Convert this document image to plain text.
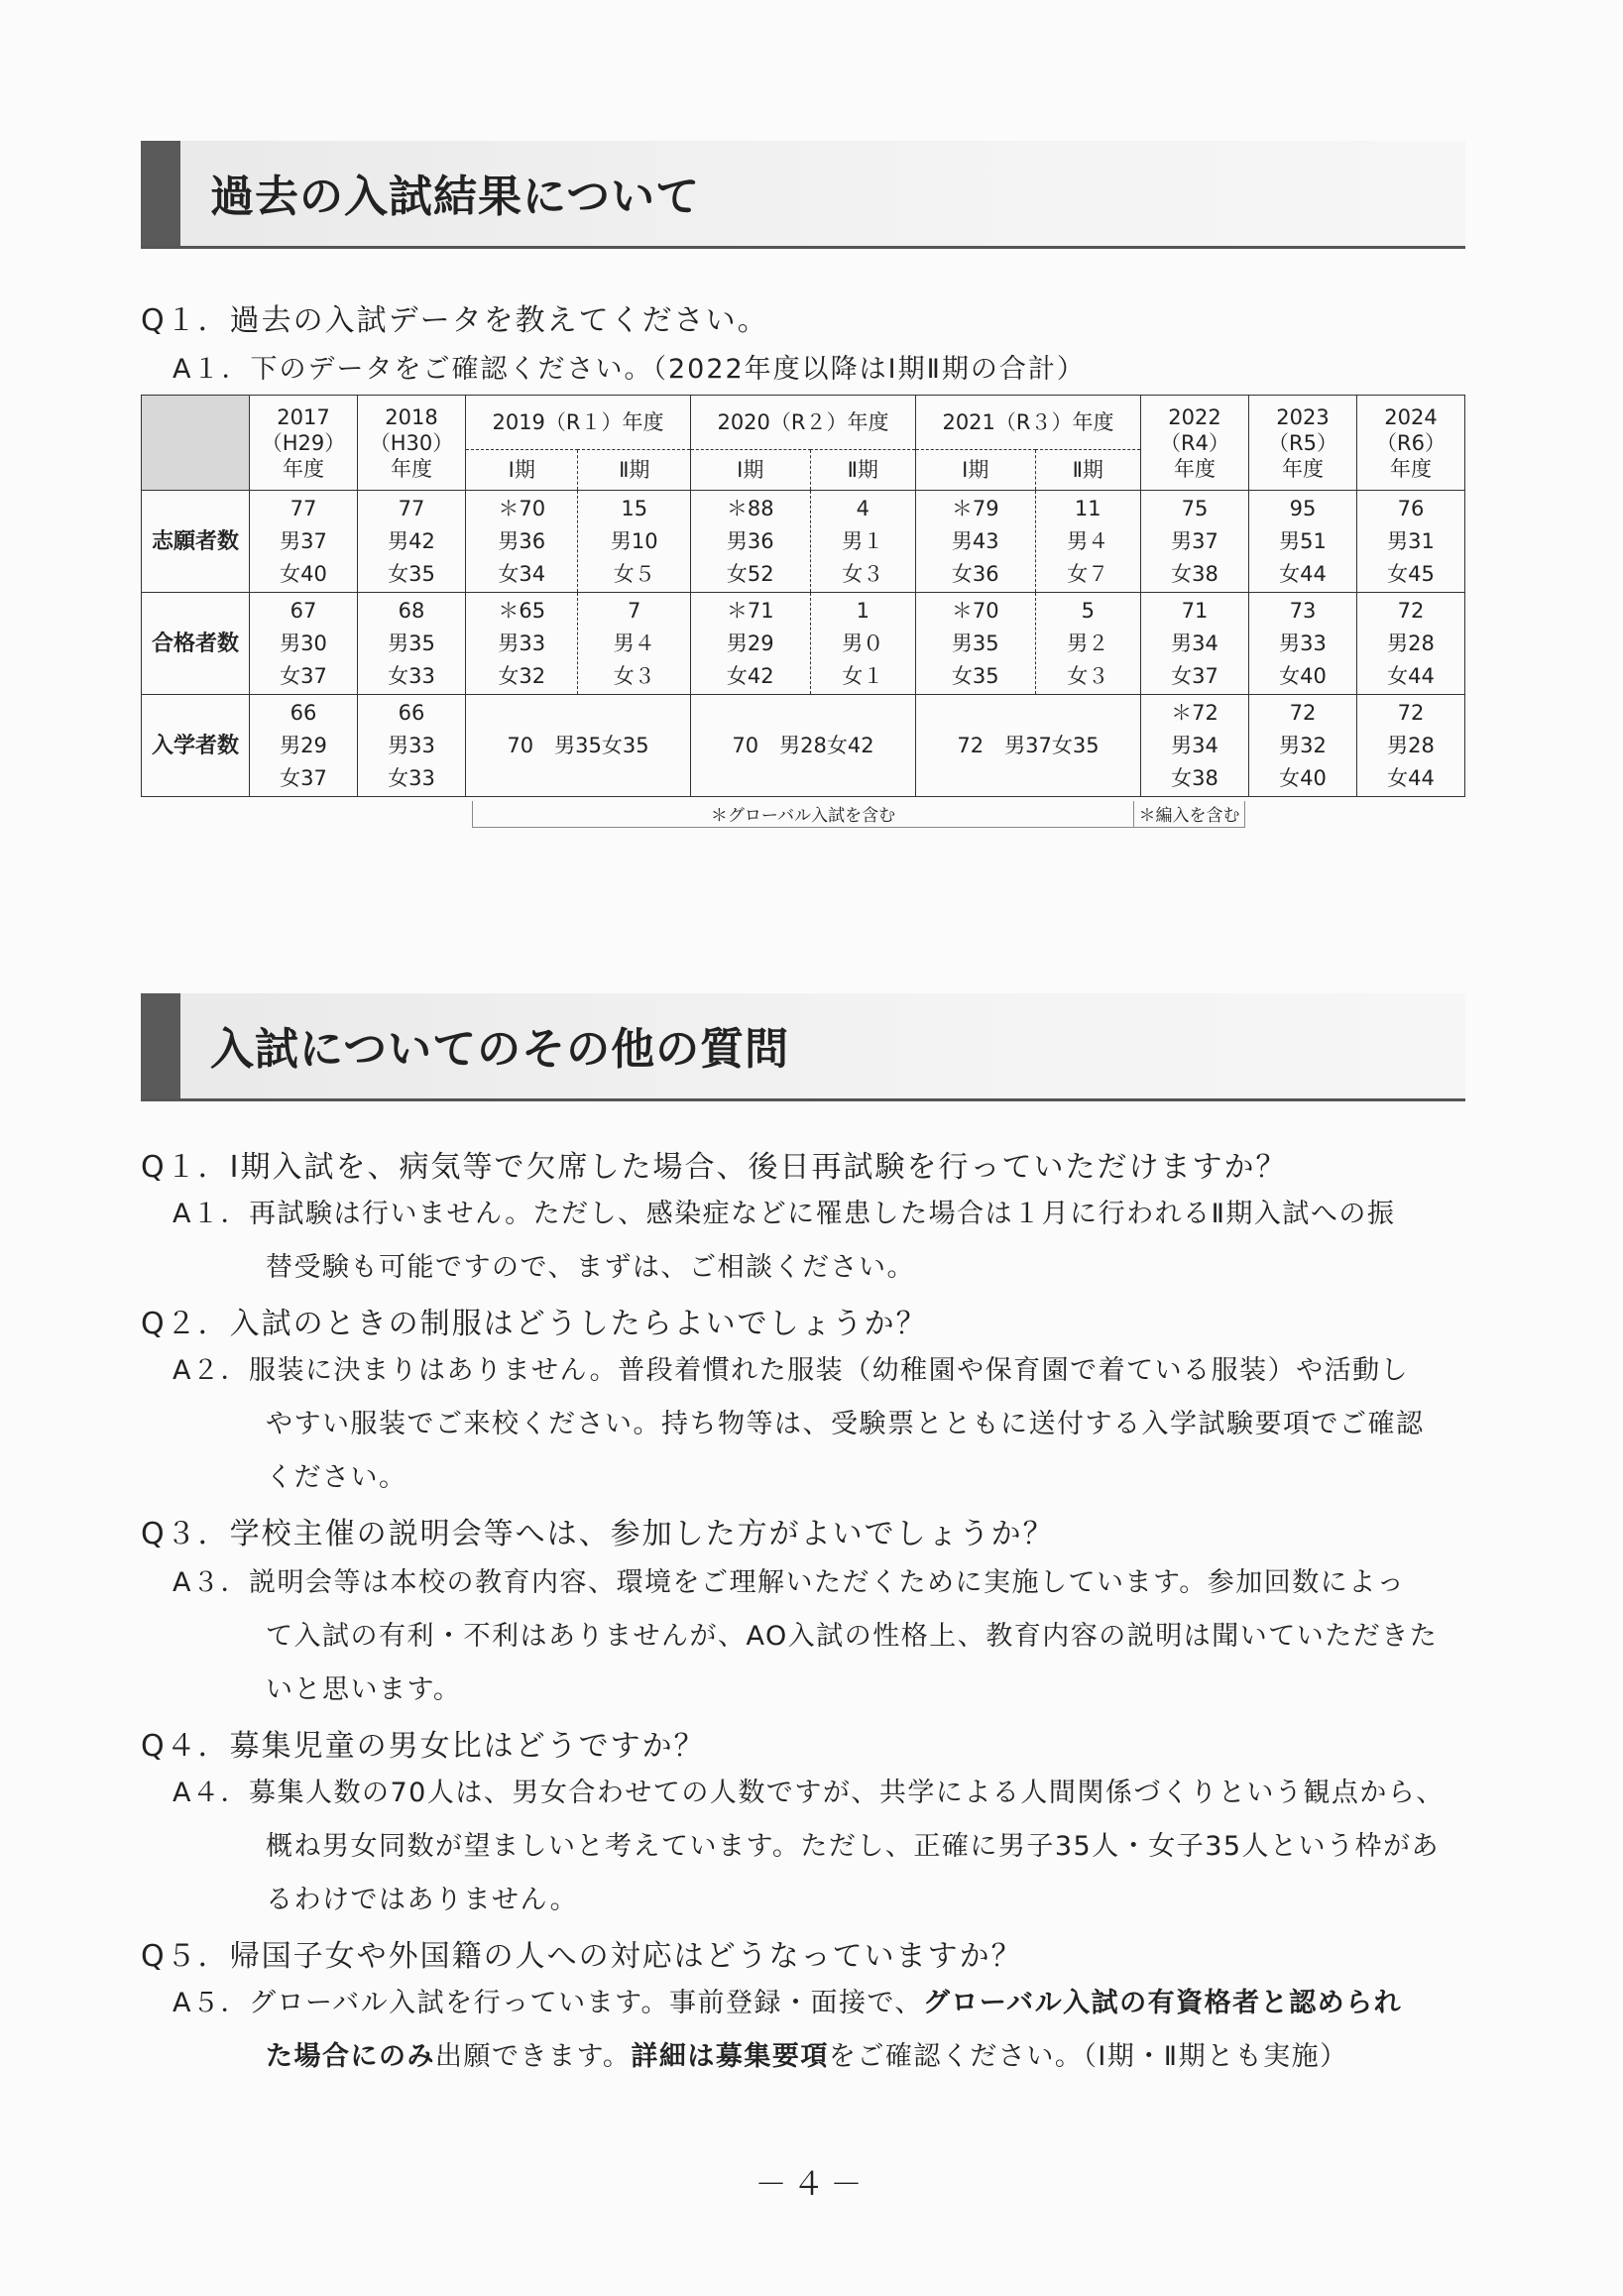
過去の入試結果について
Q１．過去の入試データを教えてください。
A１．下のデータをご確認ください。（2022年度以降はⅠ期Ⅱ期の合計）
	2017
（H29）
年度	2018
（H30）
年度	2019（R１）年度		2020（R２）年度		2021（R３）年度		2022
（R4）
年度	2023
（R5）
年度	2024
（R6）
年度
			Ⅰ期	Ⅱ期	Ⅰ期	Ⅱ期	Ⅰ期	Ⅱ期			
志願者数	77
男37
女40	77
男42
女35	＊70
男36
女34	15
男10
女５	＊88
男36
女52	4
男１
女３	＊79
男43
女36	11
男４
女７	75
男37
女38	95
男51
女44	76
男31
女45
合格者数	67
男30
女37	68
男35
女33	＊65
男33
女32	7
男４
女３	＊71
男29
女42	1
男０
女１	＊70
男35
女35	5
男２
女３	71
男34
女37	73
男33
女40	72
男28
女44
入学者数	66
男29
女37	66
男33
女33	70　男35女35		70　男28女42		72　男37女35		＊72
男34
女38	72
男32
女40	72
男28
女44
＊グローバル入試を含む	＊編入を含む
入試についてのその他の質問
Q１．Ⅰ期入試を、病気等で欠席した場合、後日再試験を行っていただけますか？
A１．再試験は行いません。ただし、感染症などに罹患した場合は１月に行われるⅡ期入試への振
替受験も可能ですので、まずは、ご相談ください。
Q２．入試のときの制服はどうしたらよいでしょうか？
A２．服装に決まりはありません。普段着慣れた服装（幼稚園や保育園で着ている服装）や活動し
やすい服装でご来校ください。持ち物等は、受験票とともに送付する入学試験要項でご確認
ください。
Q３．学校主催の説明会等へは、参加した方がよいでしょうか？
A３．説明会等は本校の教育内容、環境をご理解いただくために実施しています。参加回数によっ
て入試の有利・不利はありませんが、AO入試の性格上、教育内容の説明は聞いていただきた
いと思います。
Q４．募集児童の男女比はどうですか？
A４．募集人数の70人は、男女合わせての人数ですが、共学による人間関係づくりという観点から、
概ね男女同数が望ましいと考えています。ただし、正確に男子35人・女子35人という枠があ
るわけではありません。
Q５．帰国子女や外国籍の人への対応はどうなっていますか？
A５．グローバル入試を行っています。事前登録・面接で、グローバル入試の有資格者と認められ
た場合にのみ出願できます。詳細は募集要項をご確認ください。（Ⅰ期・Ⅱ期とも実施）
－４－
